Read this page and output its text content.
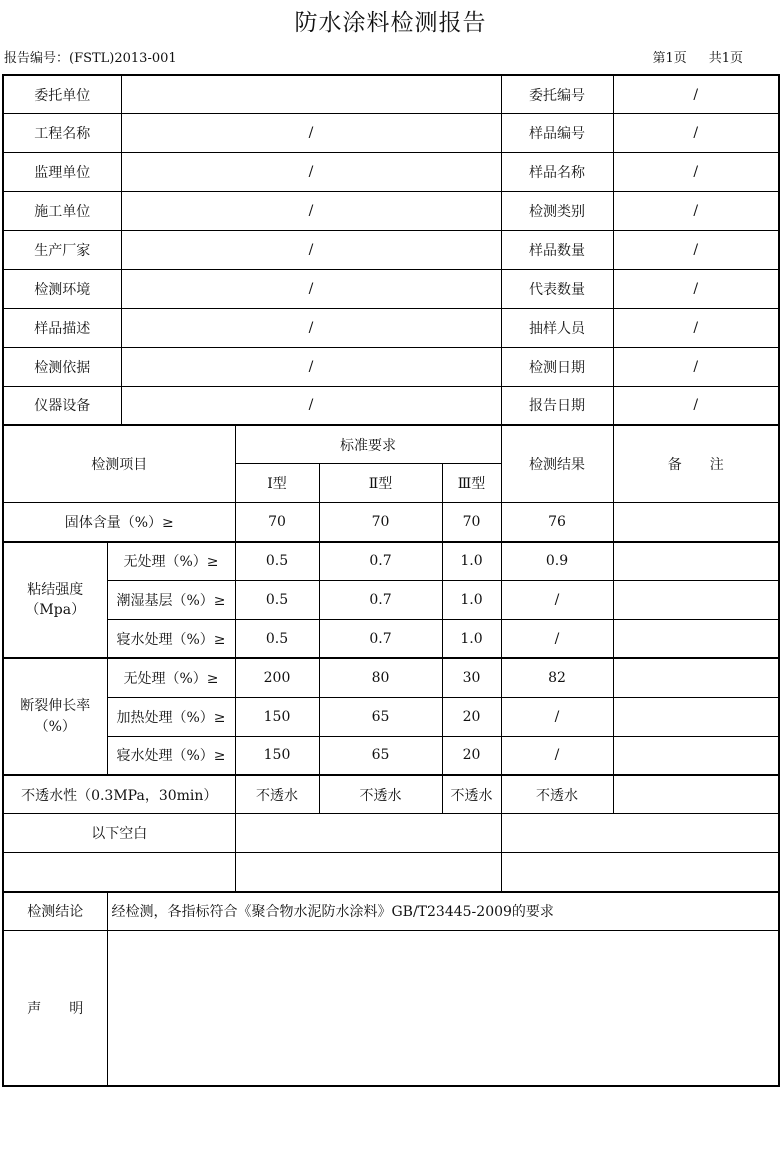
防水涂料检测报告
报告编号：(FSTL)2013-001	第1页 共1页
委托单位						委托编号	/
工程名称		/				样品编号	/
监理单位		/				样品名称	/
施工单位		/				检测类别	/
生产厂家		/				样品数量	/
检测环境		/				代表数量	/
样品描述		/				抽样人员	/
检测依据		/				检测日期	/
仪器设备		/				报告日期	/
检测项目			标准要求			检测结果	备　　注
			Ⅰ型	Ⅱ型	Ⅲ型		
固体含量（%）≥			70	70	70	76	

粘结强度
（Mpa）	无处理（%）≥		0.5	0.7	1.0	0.9	
	潮湿基层（%）≥		0.5	0.7	1.0	/	
	寝水处理（%）≥		0.5	0.7	1.0	/	

断裂伸长率
（%）	无处理（%）≥		200	80	30	82	
	加热处理（%）≥		150	65	20	/	
	寝水处理（%）≥		150	65	20	/	
不透水性（0.3MPa，30min）			不透水	不透水	不透水	不透水	
以下空白							

检测结论	经检测，各指标符合《聚合物水泥防水涂料》GB/T23445-2009的要求						
声　　明							
